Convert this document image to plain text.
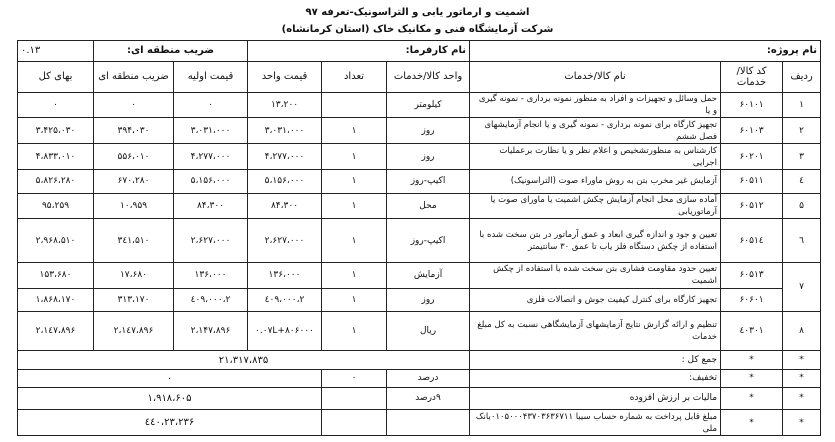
اشمیت و ارماتور یابی و التراسونیک-تعرفه ۹۷
شرکت آزمایشگاه فنی و مکانیک خاک (استان کرمانشاه)
نام پروژه:			نام کارفرما:			ضریب منطقه ای:		۰.۱۳
ردیف	کد کالا/خدمات	نام کالا/خدمات	واحد کالا/خدمات	تعداد	قیمت واحد	قیمت اولیه	ضریب منطقه ای	بهای کل
۱	۶۰۱۰۱	حمل وسائل و تجهیزات و افراد به منظور نمونه برداری - نمونه گیری و یا	کیلومتر		۱۳،۲۰۰	۰	۰	۰
۲	۶۰۱۰۳	تجهیز کارگاه برای نمونه برداری - نمونه گیری و یا انجام آزمایشهای فصل ششم	روز	۱	۳،۰۳۱،۰۰۰	۳،۰۳۱،۰۰۰	۳۹۴،۰۳۰	۳،۴۲۵،۰۳۰
۳	۶۰۲۰۱	کارشناس به منظورتشخیص و اعلام نظر و یا نظارت برعملیات اجرایی	روز	۱	۴،۲۷۷،۰۰۰	۴،۲۷۷،۰۰۰	۵۵۶،۰۱۰	۴،۸۳۳،۰۱۰
٤	۶۰۵۱۱	آزمایش غیر مخرب بتن به روش ماوراء صوت (التراسونیک)	اکیپ-روز	۱	۵،۱۵۶،۰۰۰	۵،۱۵۶،۰۰۰	۶۷۰،۲۸۰	۵،۸۲۶،۲۸۰
۵	۶۰۵۱۲	آماده سازی محل انجام آزمایش چکش اشمیت یا ماورای صوت یا آرماتوریابی	محل	۱	۸۴،۳۰۰	۸۴،۳۰۰	۱۰،۹۵۹	۹۵،۲۵۹
٦	۶۰۵۱٤	تعیین و جود و اندازه گیری ابعاد و عمق آرماتور در بتن سخت شده با استفاده از چکش دستگاه فلز یاب تا عمق ۳۰ سانتیمتر	اکیپ-روز	۱	۲،۶۲۷،۰۰۰	۲،۶۲۷،۰۰۰	۳٤۱،۵۱۰	۲،۹۶۸،۵۱۰
۷	۶۰۵۱۳	تعیین حدود مقاومت فشاری بتن سخت شده با استفاده از چکش اشمیت	آزمایش	۱	۱۳۶،۰۰۰	۱۳۶،۰۰۰	۱۷،۶۸۰	۱۵۳،۶۸۰
	۶۰۶۰۱	تجهیز کارگاه برای کنترل کیفیت جوش و اتصالات فلزی	روز	۱	۲،٤۰۹،۰۰۰	۲،٤۰۹،۰۰۰	۳۱۳،۱۷۰	۱،۸۶۸،۱۷۰
۸	٤۰۳۰۱	تنظیم و ارائه گزارش نتایج آزمایشهای آزمایشگاهی نسبت به کل مبلغ خدمات	ریال	۱	۰.۰۷L+۸۰۶۰۰۰	۲،۱۴۷،۸۹۶	۲،۱٤۷،۸۹۶	۲،۱٤۷،۸۹۶
*	*	جمع کل :	۲۱،۳۱۷،۸۳۵					
*	*	تخفیف:	درصد	۰	۰			
*	*	مالیات بر ارزش افزوده	۹درصد		۱،۹۱۸،۶۰۵			
*	*	مبلغ قابل پرداخت به شماره حساب سیبا ۰۱۰۵۰۰۰۴۳۷۰۳۶۳۶۷۱۱بانک ملی			۲۳،۲۳۶،٤٤۰			
